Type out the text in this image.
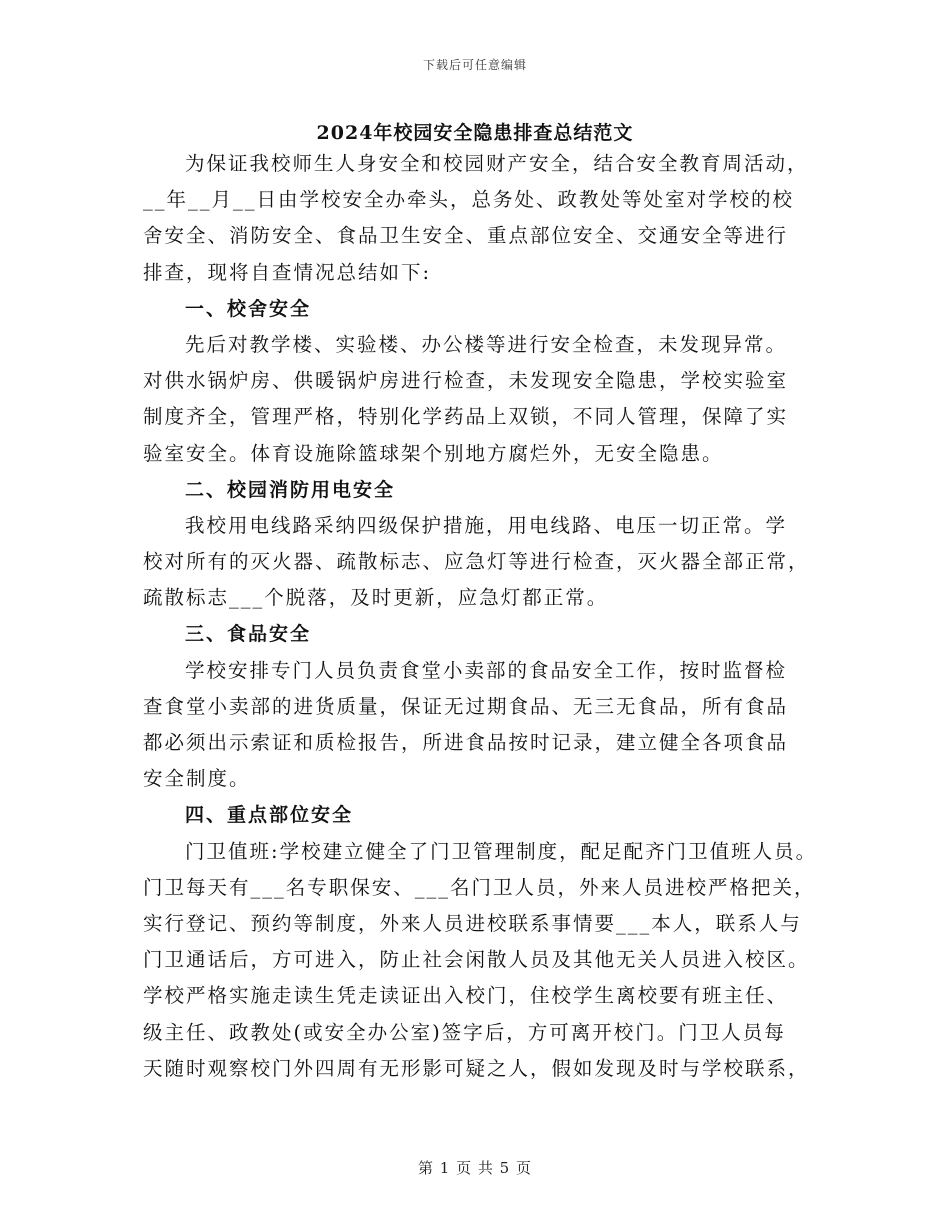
下载后可任意编辑
2024年校园安全隐患排查总结范文
为保证我校师生人身安全和校园财产安全，结合安全教育周活动，
__年__月__日由学校安全办牵头，总务处、政教处等处室对学校的校
舍安全、消防安全、食品卫生安全、重点部位安全、交通安全等进行
排查，现将自查情况总结如下:
一、校舍安全
先后对教学楼、实验楼、办公楼等进行安全检查，未发现异常。
对供水锅炉房、供暖锅炉房进行检查，未发现安全隐患，学校实验室
制度齐全，管理严格，特别化学药品上双锁，不同人管理，保障了实
验室安全。体育设施除篮球架个别地方腐烂外，无安全隐患。
二、校园消防用电安全
我校用电线路采纳四级保护措施，用电线路、电压一切正常。学
校对所有的灭火器、疏散标志、应急灯等进行检查，灭火器全部正常，
疏散标志___个脱落，及时更新，应急灯都正常。
三、食品安全
学校安排专门人员负责食堂小卖部的食品安全工作，按时监督检
查食堂小卖部的进货质量，保证无过期食品、无三无食品，所有食品
都必须出示索证和质检报告，所进食品按时记录，建立健全各项食品
安全制度。
四、重点部位安全
门卫值班:学校建立健全了门卫管理制度，配足配齐门卫值班人员。
门卫每天有___名专职保安、___名门卫人员，外来人员进校严格把关，
实行登记、预约等制度，外来人员进校联系事情要___本人，联系人与
门卫通话后，方可进入，防止社会闲散人员及其他无关人员进入校区。
学校严格实施走读生凭走读证出入校门，住校学生离校要有班主任、
级主任、政教处(或安全办公室)签字后，方可离开校门。门卫人员每
天随时观察校门外四周有无形影可疑之人，假如发现及时与学校联系，
第 1 页 共 5 页
